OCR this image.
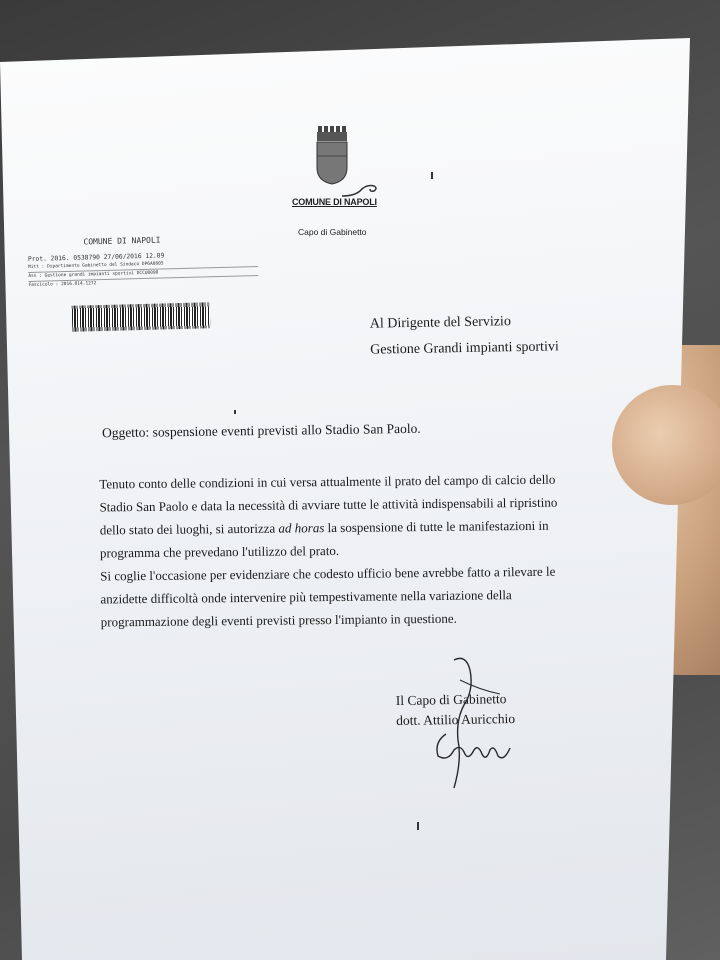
COMUNE DI NAPOLI
Capo di Gabinetto
COMUNE DI NAPOLI
Prot. 2016. 0538790 27/06/2016 12.09
Mitt : Dipartimento Gabinetto del Sindaco DP6A6805
Ass : Gestione grandi impianti sportivi DCCU0090
Fascicolo : 2016.014.1272
Al Dirigente del Servizio
Gestione Grandi impianti sportivi
Oggetto: sospensione eventi previsti allo Stadio San Paolo.

Tenuto conto delle condizioni in cui versa attualmente il prato del campo di calcio dello

Stadio San Paolo e data la necessità di avviare tutte le attività indispensabili al ripristino

dello stato dei luoghi, si autorizza ad horas la sospensione di tutte le manifestazioni in

programma che prevedano l'utilizzo del prato.

Si coglie l'occasione per evidenziare che codesto ufficio bene avrebbe fatto a rilevare le

anzidette difficoltà onde intervenire più tempestivamente nella variazione della

programmazione degli eventi previsti presso l'impianto in questione.

Il Capo di Gabinetto
dott. Attilio Auricchio
